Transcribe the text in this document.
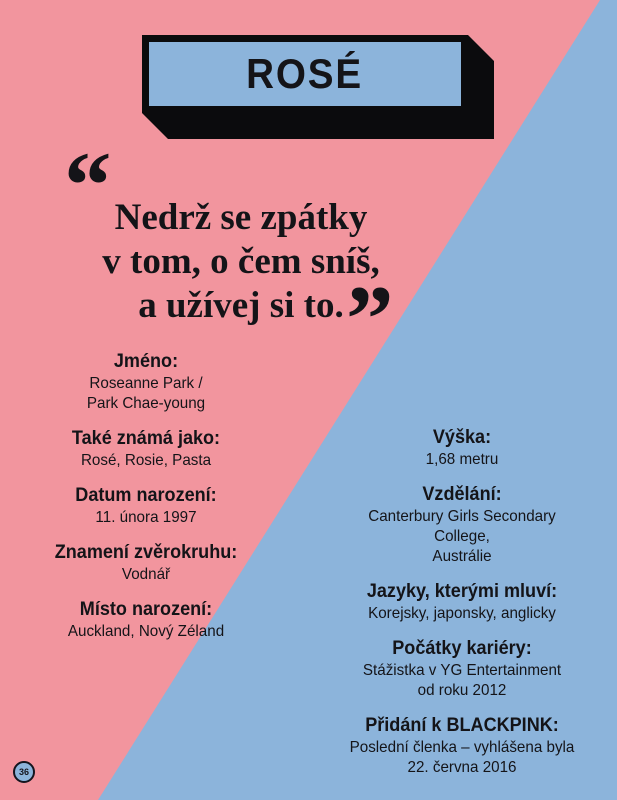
ROSÉ
“ Nedrž se zpátky
v tom, o čem sníš,
a užívej si to. ”
Jméno:
Roseanne Park /
Park Chae-young
Také známá jako:
Rosé, Rosie, Pasta
Datum narození:
11. února 1997
Znamení zvěrokruhu:
Vodnář
Místo narození:
Auckland, Nový Zéland
Výška:
1,68 metru
Vzdělání:
Canterbury Girls Secondary College,
Austrálie
Jazyky, kterými mluví:
Korejsky, japonsky, anglicky
Počátky kariéry:
Stážistka v YG Entertainment
od roku 2012
Přidání k BLACKPINK:
Poslední členka – vyhlášena byla
22. června 2016
36
